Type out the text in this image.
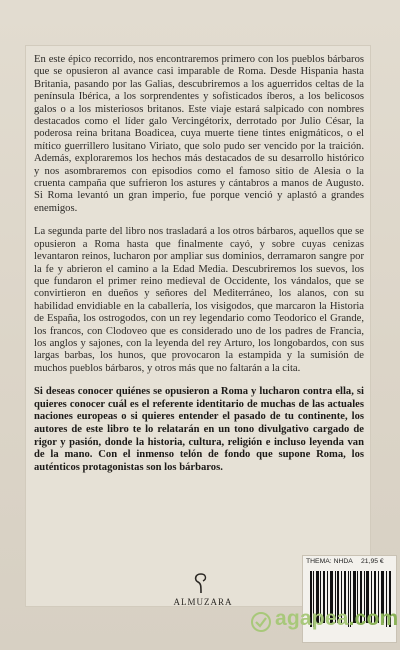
En este épico recorrido, nos encontraremos primero con los pueblos bárbaros que se opusieron al avance casi imparable de Roma. Desde Hispania hasta Britania, pasando por las Galias, descubriremos a los aguerridos celtas de la península Ibérica, a los sorprendentes y sofisticados íberos, a los belicosos galos o a los misteriosos britanos. Este viaje estará salpicado con nombres destacados como el líder galo Vercingétorix, derrotado por Julio César, la poderosa reina britana Boadicea, cuya muerte tiene tintes enigmáticos, o el mítico guerrillero lusitano Viriato, que solo pudo ser vencido por la traición. Además, exploraremos los hechos más destacados de su desarrollo histórico y nos asombraremos con episodios como el famoso sitio de Alesia o la cruenta campaña que sufrieron los astures y cántabros a manos de Augusto. Si Roma levantó un gran imperio, fue porque venció y aplastó a grandes enemigos.

La segunda parte del libro nos trasladará a los otros bárbaros, aquellos que se opusieron a Roma hasta que finalmente cayó, y sobre cuyas cenizas levantaron reinos, lucharon por ampliar sus dominios, derramaron sangre por la fe y abrieron el camino a la Edad Media. Descubriremos los suevos, los que fundaron el primer reino medieval de Occidente, los vándalos, que se convirtieron en dueños y señores del Mediterráneo, los alanos, con su habilidad envidiable en la caballería, los visigodos, que marcaron la Historia de España, los ostrogodos, con un rey legendario como Teodorico el Grande, los francos, con Clodoveo que es considerado uno de los padres de Francia, los anglos y sajones, con la leyenda del rey Arturo, los longobardos, con sus largas barbas, los hunos, que provocaron la estampida y la sumisión de muchos pueblos bárbaros, y otros más que no faltarán a la cita.

Si deseas conocer quiénes se opusieron a Roma y lucharon contra ella, si quieres conocer cuál es el referente identitario de muchas de las actuales naciones europeas o si quieres entender el pasado de tu continente, los autores de este libro te lo relatarán en un tono divulgativo cargado de rigor y pasión, donde la historia, cultura, religión e incluso leyenda van de la mano. Con el inmenso telón de fondo que supone Roma, los auténticos protagonistas son los bárbaros.

ALMUZARA
THEMA: NHDA 21,95 €
agapea.com
